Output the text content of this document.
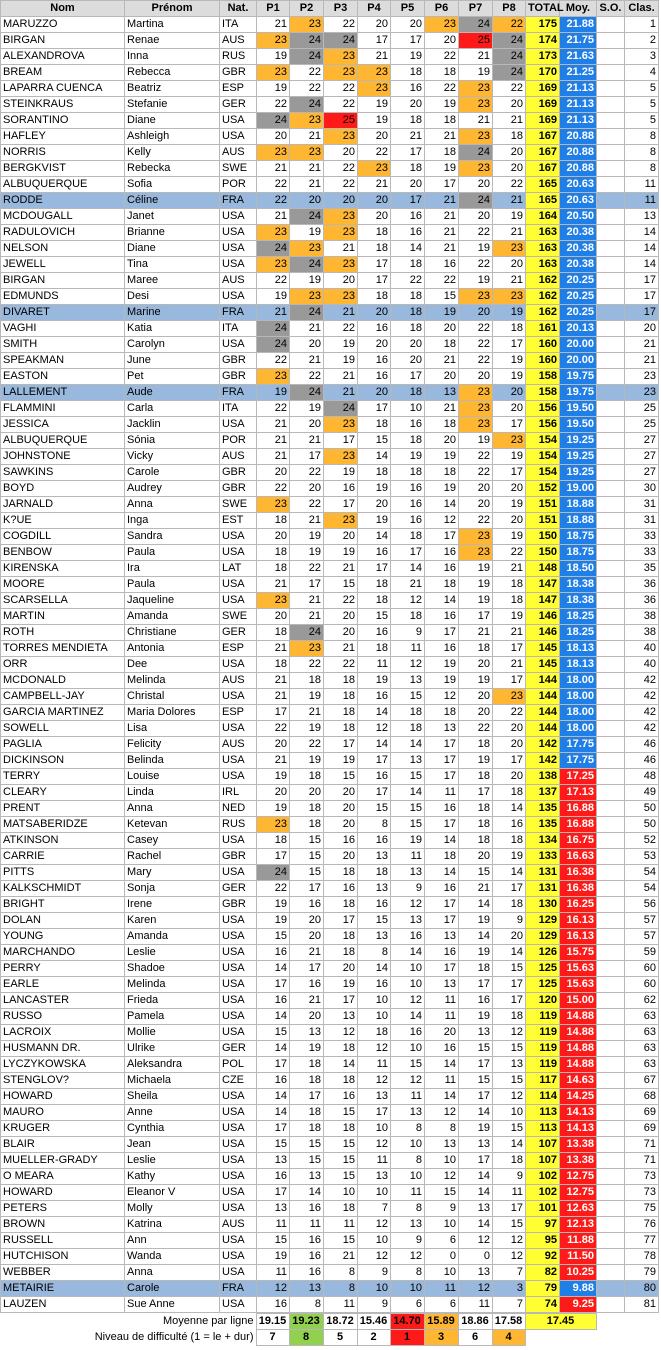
Nom	Prénom	Nat.	P1	P2	P3	P4	P5	P6	P7	P8	TOTAL	Moy.	S.O.	Clas.
MARUZZO	Martina	ITA	21	23	22	20	20	23	24	22	175	21.88		1
BIRGAN	Renae	AUS	23	24	24	17	17	20	25	24	174	21.75		2
ALEXANDROVA	Inna	RUS	19	24	23	21	19	22	21	24	173	21.63		3
BREAM	Rebecca	GBR	23	22	23	23	18	18	19	24	170	21.25		4
LAPARRA CUENCA	Beatriz	ESP	19	22	22	23	16	22	23	22	169	21.13		5
STEINKRAUS	Stefanie	GER	22	24	22	19	20	19	23	20	169	21.13		5
SORANTINO	Diane	USA	24	23	25	19	18	18	21	21	169	21.13		5
HAFLEY	Ashleigh	USA	20	21	23	20	21	21	23	18	167	20.88		8
NORRIS	Kelly	AUS	23	23	20	22	17	18	24	20	167	20.88		8
BERGKVIST	Rebecka	SWE	21	21	22	23	18	19	23	20	167	20.88		8
ALBUQUERQUE	Sofia	POR	22	21	22	21	20	17	20	22	165	20.63		11
RODDE	Céline	FRA	22	20	20	20	17	21	24	21	165	20.63		11
MCDOUGALL	Janet	USA	21	24	23	20	16	21	20	19	164	20.50		13
RADULOVICH	Brianne	USA	23	19	23	18	16	21	22	21	163	20.38		14
NELSON	Diane	USA	24	23	21	18	14	21	19	23	163	20.38		14
JEWELL	Tina	USA	23	24	23	17	18	16	22	20	163	20.38		14
BIRGAN	Maree	AUS	22	19	20	17	22	22	19	21	162	20.25		17
EDMUNDS	Desi	USA	19	23	23	18	18	15	23	23	162	20.25		17
DIVARET	Marine	FRA	21	24	21	20	18	19	20	19	162	20.25		17
VAGHI	Katia	ITA	24	21	22	16	18	20	22	18	161	20.13		20
SMITH	Carolyn	USA	24	20	19	20	20	18	22	17	160	20.00		21
SPEAKMAN	June	GBR	22	21	19	16	20	21	22	19	160	20.00		21
EASTON	Pet	GBR	23	22	21	16	17	20	20	19	158	19.75		23
LALLEMENT	Aude	FRA	19	24	21	20	18	13	23	20	158	19.75		23
FLAMMINI	Carla	ITA	22	19	24	17	10	21	23	20	156	19.50		25
JESSICA	Jacklin	USA	21	20	23	18	16	18	23	17	156	19.50		25
ALBUQUERQUE	Sónia	POR	21	21	17	15	18	20	19	23	154	19.25		27
JOHNSTONE	Vicky	AUS	21	17	23	14	19	19	22	19	154	19.25		27
SAWKINS	Carole	GBR	20	22	19	18	18	18	22	17	154	19.25		27
BOYD	Audrey	GBR	22	20	16	19	16	19	20	20	152	19.00		30
JARNALD	Anna	SWE	23	22	17	20	16	14	20	19	151	18.88		31
K?UE	Inga	EST	18	21	23	19	16	12	22	20	151	18.88		31
COGDILL	Sandra	USA	20	19	20	14	18	17	23	19	150	18.75		33
BENBOW	Paula	USA	18	19	19	16	17	16	23	22	150	18.75		33
KIRENSKA	Ira	LAT	18	22	21	17	14	16	19	21	148	18.50		35
MOORE	Paula	USA	21	17	15	18	21	18	19	18	147	18.38		36
SCARSELLA	Jaqueline	USA	23	21	22	18	12	14	19	18	147	18.38		36
MARTIN	Amanda	SWE	20	21	20	15	18	16	17	19	146	18.25		38
ROTH	Christiane	GER	18	24	20	16	9	17	21	21	146	18.25		38
TORRES MENDIETA	Antonia	ESP	21	23	21	18	11	16	18	17	145	18.13		40
ORR	Dee	USA	18	22	22	11	12	19	20	21	145	18.13		40
MCDONALD	Melinda	AUS	21	18	18	19	13	19	19	17	144	18.00		42
CAMPBELL-JAY	Christal	USA	21	19	18	16	15	12	20	23	144	18.00		42
GARCIA MARTINEZ	Maria Dolores	ESP	17	21	18	14	18	18	20	22	144	18.00		42
SOWELL	Lisa	USA	22	19	18	12	18	13	22	20	144	18.00		42
PAGLIA	Felicity	AUS	20	22	17	14	14	17	18	20	142	17.75		46
DICKINSON	Belinda	USA	21	19	19	17	13	17	19	17	142	17.75		46
TERRY	Louise	USA	19	18	15	16	15	17	18	20	138	17.25		48
CLEARY	Linda	IRL	20	20	20	17	14	11	17	18	137	17.13		49
PRENT	Anna	NED	19	18	20	15	15	16	18	14	135	16.88		50
MATSABERIDZE	Ketevan	RUS	23	18	20	8	15	17	18	16	135	16.88		50
ATKINSON	Casey	USA	18	15	16	16	19	14	18	18	134	16.75		52
CARRIE	Rachel	GBR	17	15	20	13	11	18	20	19	133	16.63		53
PITTS	Mary	USA	24	15	18	18	13	14	15	14	131	16.38		54
KALKSCHMIDT	Sonja	GER	22	17	16	13	9	16	21	17	131	16.38		54
BRIGHT	Irene	GBR	19	16	18	16	12	17	14	18	130	16.25		56
DOLAN	Karen	USA	19	20	17	15	13	17	19	9	129	16.13		57
YOUNG	Amanda	USA	15	20	18	13	16	13	14	20	129	16.13		57
MARCHANDO	Leslie	USA	16	21	18	8	14	16	19	14	126	15.75		59
PERRY	Shadoe	USA	14	17	20	14	10	17	18	15	125	15.63		60
EARLE	Melinda	USA	17	16	19	16	10	13	17	17	125	15.63		60
LANCASTER	Frieda	USA	16	21	17	10	12	11	16	17	120	15.00		62
RUSSO	Pamela	USA	14	20	13	10	14	11	19	18	119	14.88		63
LACROIX	Mollie	USA	15	13	12	18	16	20	13	12	119	14.88		63
HUSMANN DR.	Ulrike	GER	14	19	18	12	10	16	15	15	119	14.88		63
LYCZYKOWSKA	Aleksandra	POL	17	18	14	11	15	14	17	13	119	14.88		63
STENGLOV?	Michaela	CZE	16	18	18	12	12	11	15	15	117	14.63		67
HOWARD	Sheila	USA	14	17	16	13	11	14	17	12	114	14.25		68
MAURO	Anne	USA	14	18	15	17	13	12	14	10	113	14.13		69
KRUGER	Cynthia	USA	17	18	18	10	8	8	19	15	113	14.13		69
BLAIR	Jean	USA	15	15	15	12	10	13	13	14	107	13.38		71
MUELLER-GRADY	Leslie	USA	13	15	15	11	8	10	17	18	107	13.38		71
O MEARA	Kathy	USA	16	13	15	13	10	12	14	9	102	12.75		73
HOWARD	Eleanor V	USA	17	14	10	10	11	15	14	11	102	12.75		73
PETERS	Molly	USA	13	16	18	7	8	9	13	17	101	12.63		75
BROWN	Katrina	AUS	11	11	11	12	13	10	14	15	97	12.13		76
RUSSELL	Ann	USA	15	16	15	10	9	6	12	12	95	11.88		77
HUTCHISON	Wanda	USA	19	16	21	12	12	0	0	12	92	11.50		78
WEBBER	Anna	USA	11	16	8	9	8	10	13	7	82	10.25		79
METAIRIE	Carole	FRA	12	13	8	10	10	11	12	3	79	9.88		80
LAUZEN	Sue Anne	USA	16	8	11	9	6	6	11	7	74	9.25		81
Moyenne par ligne	19.15	19.23	18.72	15.46	14.70	15.89	18.86	17.58	17.45	
Niveau de difficulté (1 = le + dur)	7	8	5	2	1	3	6	4		
